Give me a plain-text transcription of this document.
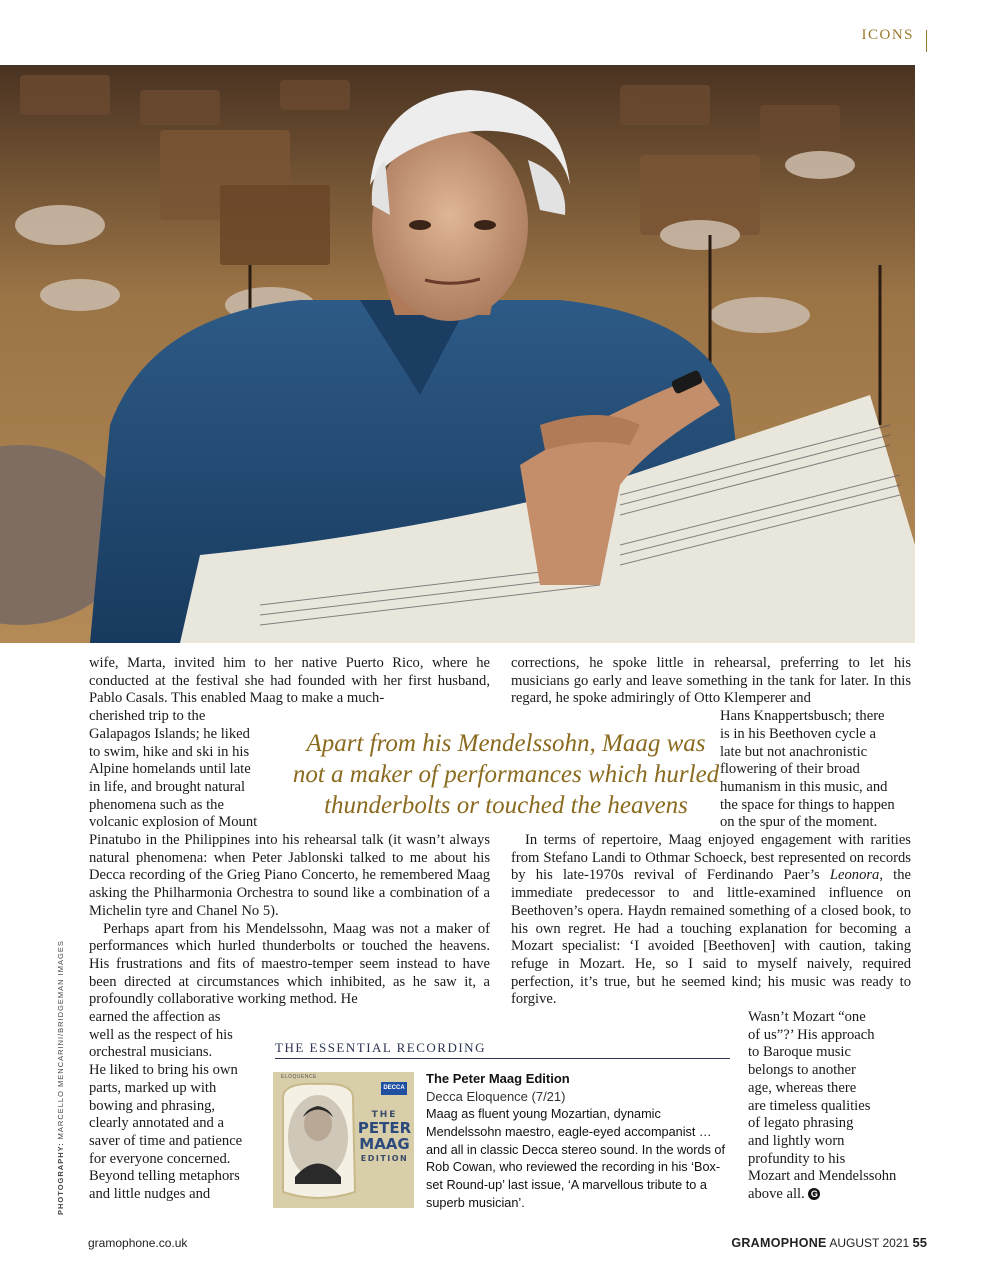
ICONS
PHOTOGRAPHY: MARCELLO MENCARINI/BRIDGEMAN IMAGES

wife, Marta, invited him to her native Puerto Rico, where he conducted at the festival she had founded with her first husband, Pablo Casals. This enabled Maag to make a much-

cherished trip to the
Galapagos Islands; he liked
to swim, hike and ski in his
Alpine homelands until late
in life, and brought natural
phenomena such as the
volcanic explosion of Mount

Pinatubo in the Philippines into his rehearsal talk (it wasn’t always natural phenomena: when Peter Jablonski talked to me about his Decca recording of the Grieg Piano Concerto, he remembered Maag asking the Philharmonia Orchestra to sound like a combination of a Michelin tyre and Chanel No 5).

Perhaps apart from his Mendelssohn, Maag was not a maker of performances which hurled thunderbolts or touched the heavens. His frustrations and fits of maestro-temper seem instead to have been directed at circumstances which inhibited, as he saw it, a profoundly collaborative working method. He

earned the affection as
well as the respect of his
orchestral musicians.
He liked to bring his own
parts, marked up with
bowing and phrasing,
clearly annotated and a
saver of time and patience
for everyone concerned.
Beyond telling metaphors
and little nudges and

corrections, he spoke little in rehearsal, preferring to let his musicians go early and leave something in the tank for later. In this regard, he spoke admiringly of Otto Klemperer and

Hans Knappertsbusch; there
is in his Beethoven cycle a
late but not anachronistic
flowering of their broad
humanism in this music, and
the space for things to happen
on the spur of the moment.

In terms of repertoire, Maag enjoyed engagement with rarities from Stefano Landi to Othmar Schoeck, best represented on records by his late-1970s revival of Ferdinando Paer’s Leonora, the immediate predecessor to and little-examined influence on Beethoven’s opera. Haydn remained something of a closed book, to his own regret. He had a touching explanation for becoming a Mozart specialist: ‘I avoided [Beethoven] with caution, taking refuge in Mozart. He, so I said to myself naively, required perfection, it’s true, but he seemed kind; his music was ready to forgive.

Wasn’t Mozart “one
of us”?’ His approach
to Baroque music
belongs to another
age, whereas there
are timeless qualities
of legato phrasing
and lightly worn
profundity to his
Mozart and Mendelssohn
above all. G
Apart from his Mendelssohn, Maag was not a maker of performances which hurled thunderbolts or touched the heavens
THE ESSENTIAL RECORDING
ELOQUENCE
DECCA
THE
PETER
MAAG
EDITION
The Peter Maag Edition
Decca Eloquence (7/21)
Maag as fluent young Mozartian, dynamic Mendelssohn maestro, eagle-eyed accompanist … and all in classic Decca stereo sound. In the words of Rob Cowan, who reviewed the recording in his ‘Box-set Round-up’ last issue, ‘A marvellous tribute to a superb musician’.
gramophone.co.uk	GRAMOPHONE AUGUST 2021 55
